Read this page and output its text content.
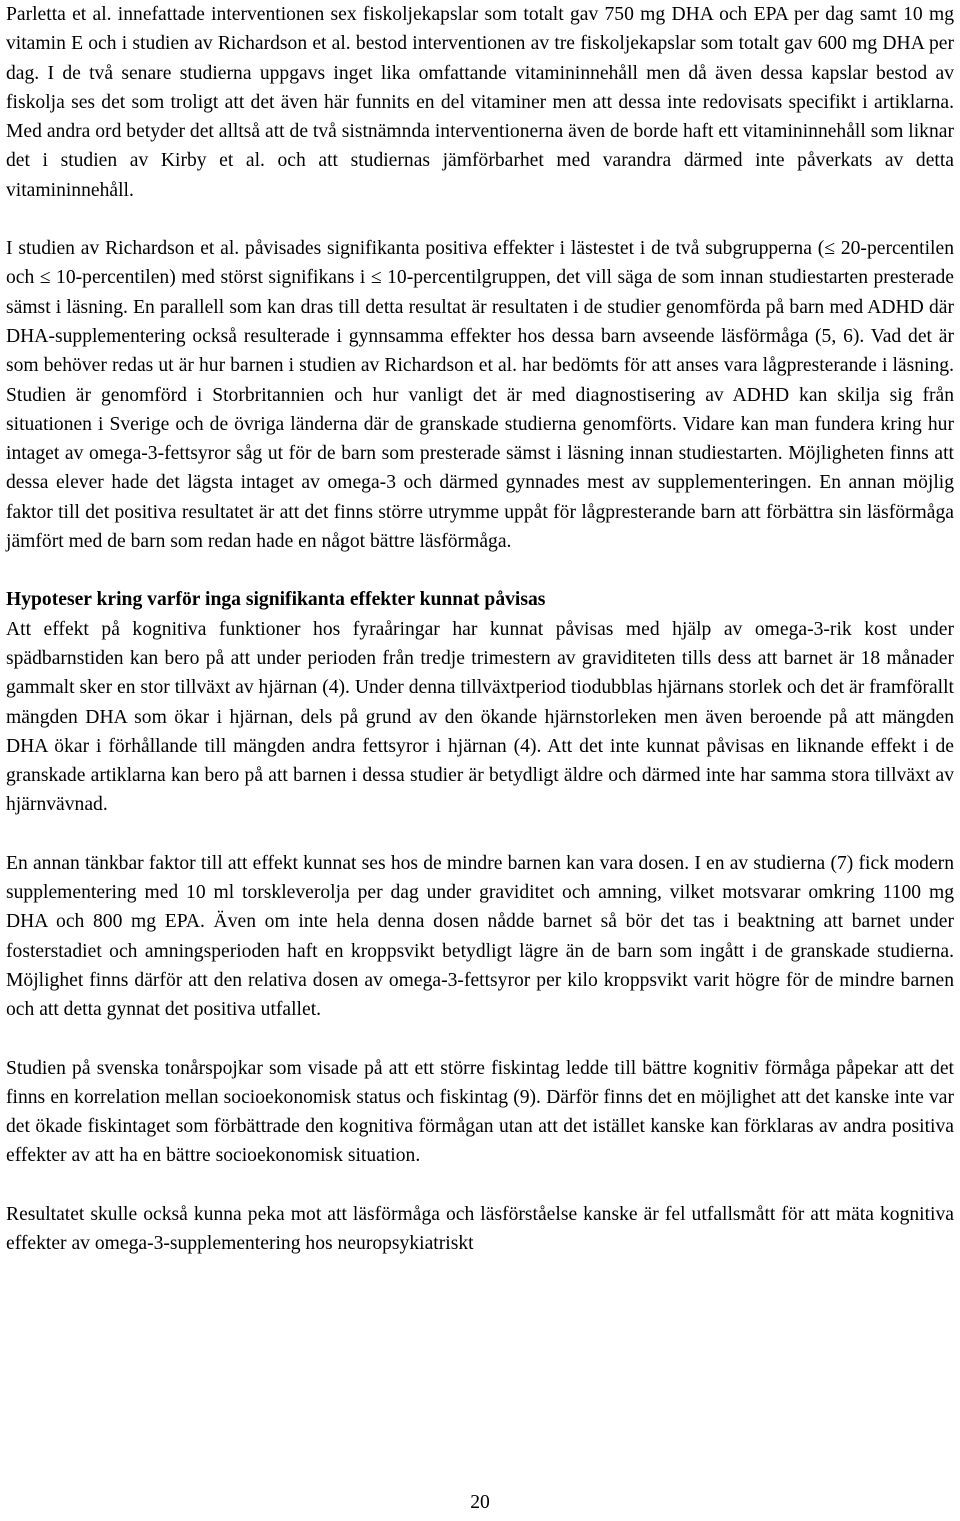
Parletta et al. innefattade interventionen sex fiskoljekapslar som totalt gav 750 mg DHA och EPA per dag samt 10 mg vitamin E och i studien av Richardson et al. bestod interventionen av tre fiskoljekapslar som totalt gav 600 mg DHA per dag. I de två senare studierna uppgavs inget lika omfattande vitamininnehåll men då även dessa kapslar bestod av fiskolja ses det som troligt att det även här funnits en del vitaminer men att dessa inte redovisats specifikt i artiklarna. Med andra ord betyder det alltså att de två sistnämnda interventionerna även de borde haft ett vitamininnehåll som liknar det i studien av Kirby et al. och att studiernas jämförbarhet med varandra därmed inte påverkats av detta vitamininnehåll.

I studien av Richardson et al. påvisades signifikanta positiva effekter i lästestet i de två subgrupperna (≤ 20-percentilen och ≤ 10-percentilen) med störst signifikans i ≤ 10-percentilgruppen, det vill säga de som innan studiestarten presterade sämst i läsning. En parallell som kan dras till detta resultat är resultaten i de studier genomförda på barn med ADHD där DHA-supplementering också resulterade i gynnsamma effekter hos dessa barn avseende läsförmåga (5, 6). Vad det är som behöver redas ut är hur barnen i studien av Richardson et al. har bedömts för att anses vara lågpresterande i läsning. Studien är genomförd i Storbritannien och hur vanligt det är med diagnostisering av ADHD kan skilja sig från situationen i Sverige och de övriga länderna där de granskade studierna genomförts. Vidare kan man fundera kring hur intaget av omega-3-fettsyror såg ut för de barn som presterade sämst i läsning innan studiestarten. Möjligheten finns att dessa elever hade det lägsta intaget av omega-3 och därmed gynnades mest av supplementeringen. En annan möjlig faktor till det positiva resultatet är att det finns större utrymme uppåt för lågpresterande barn att förbättra sin läsförmåga jämfört med de barn som redan hade en något bättre läsförmåga.

Hypoteser kring varför inga signifikanta effekter kunnat påvisas

Att effekt på kognitiva funktioner hos fyraåringar har kunnat påvisas med hjälp av omega-3-rik kost under spädbarnstiden kan bero på att under perioden från tredje trimestern av graviditeten tills dess att barnet är 18 månader gammalt sker en stor tillväxt av hjärnan (4). Under denna tillväxtperiod tiodubblas hjärnans storlek och det är framförallt mängden DHA som ökar i hjärnan, dels på grund av den ökande hjärnstorleken men även beroende på att mängden DHA ökar i förhållande till mängden andra fettsyror i hjärnan (4). Att det inte kunnat påvisas en liknande effekt i de granskade artiklarna kan bero på att barnen i dessa studier är betydligt äldre och därmed inte har samma stora tillväxt av hjärnvävnad.

En annan tänkbar faktor till att effekt kunnat ses hos de mindre barnen kan vara dosen. I en av studierna (7) fick modern supplementering med 10 ml torskleverolja per dag under graviditet och amning, vilket motsvarar omkring 1100 mg DHA och 800 mg EPA. Även om inte hela denna dosen nådde barnet så bör det tas i beaktning att barnet under fosterstadiet och amningsperioden haft en kroppsvikt betydligt lägre än de barn som ingått i de granskade studierna. Möjlighet finns därför att den relativa dosen av omega-3-fettsyror per kilo kroppsvikt varit högre för de mindre barnen och att detta gynnat det positiva utfallet.

Studien på svenska tonårspojkar som visade på att ett större fiskintag ledde till bättre kognitiv förmåga påpekar att det finns en korrelation mellan socioekonomisk status och fiskintag (9). Därför finns det en möjlighet att det kanske inte var det ökade fiskintaget som förbättrade den kognitiva förmågan utan att det istället kanske kan förklaras av andra positiva effekter av att ha en bättre socioekonomisk situation.

Resultatet skulle också kunna peka mot att läsförmåga och läsförståelse kanske är fel utfallsmått för att mäta kognitiva effekter av omega-3-supplementering hos neuropsykiatriskt

20
